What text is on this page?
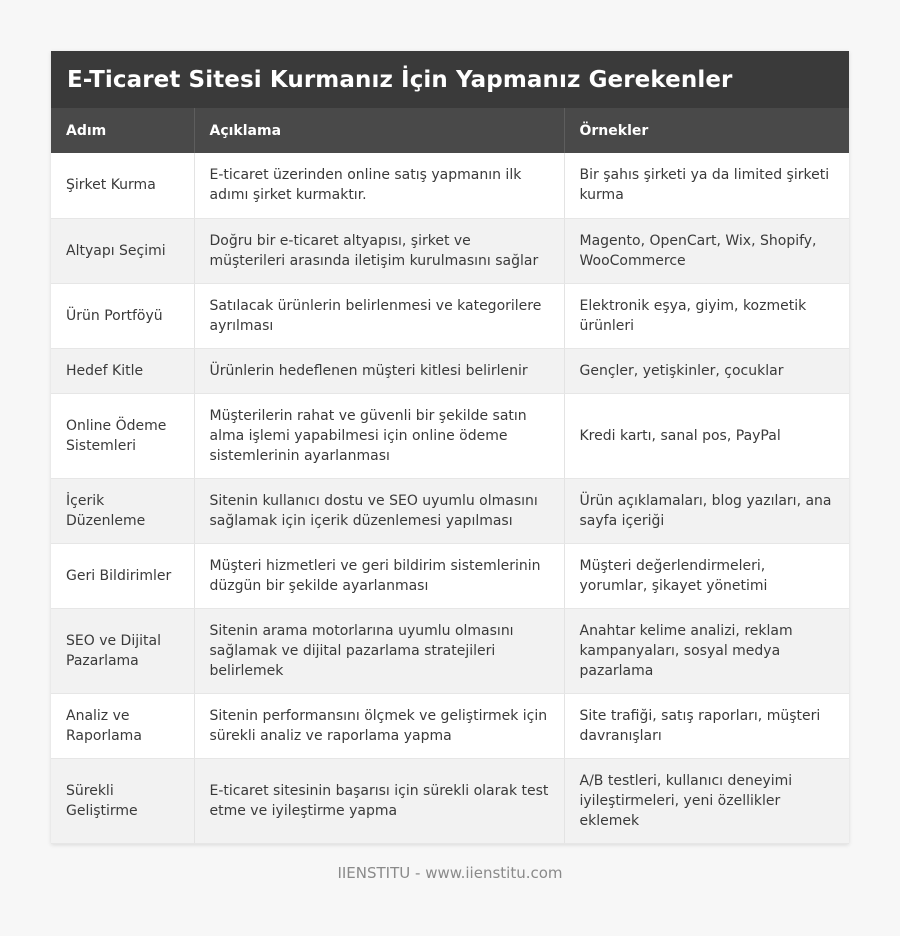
E-Ticaret Sitesi Kurmanız İçin Yapmanız Gerekenler
Adım	Açıklama	Örnekler
Şirket Kurma	E-ticaret üzerinden online satış yapmanın ilk adımı şirket kurmaktır.	Bir şahıs şirketi ya da limited şirketi kurma
Altyapı Seçimi	Doğru bir e-ticaret altyapısı, şirket ve müşterileri arasında iletişim kurulmasını sağlar	Magento, OpenCart, Wix, Shopify, WooCommerce
Ürün Portföyü	Satılacak ürünlerin belirlenmesi ve kategorilere ayrılması	Elektronik eşya, giyim, kozmetik ürünleri
Hedef Kitle	Ürünlerin hedeflenen müşteri kitlesi belirlenir	Gençler, yetişkinler, çocuklar
Online Ödeme Sistemleri	Müşterilerin rahat ve güvenli bir şekilde satın alma işlemi yapabilmesi için online ödeme sistemlerinin ayarlanması	Kredi kartı, sanal pos, PayPal
İçerik Düzenleme	Sitenin kullanıcı dostu ve SEO uyumlu olmasını sağlamak için içerik düzenlemesi yapılması	Ürün açıklamaları, blog yazıları, ana sayfa içeriği
Geri Bildirimler	Müşteri hizmetleri ve geri bildirim sistemlerinin düzgün bir şekilde ayarlanması	Müşteri değerlendirmeleri, yorumlar, şikayet yönetimi
SEO ve Dijital Pazarlama	Sitenin arama motorlarına uyumlu olmasını sağlamak ve dijital pazarlama stratejileri belirlemek	Anahtar kelime analizi, reklam kampanyaları, sosyal medya pazarlama
Analiz ve Raporlama	Sitenin performansını ölçmek ve geliştirmek için sürekli analiz ve raporlama yapma	Site trafiği, satış raporları, müşteri davranışları
Sürekli Geliştirme	E-ticaret sitesinin başarısı için sürekli olarak test etme ve iyileştirme yapma	A/B testleri, kullanıcı deneyimi iyileştirmeleri, yeni özellikler eklemek
IIENSTITU - www.iienstitu.com
